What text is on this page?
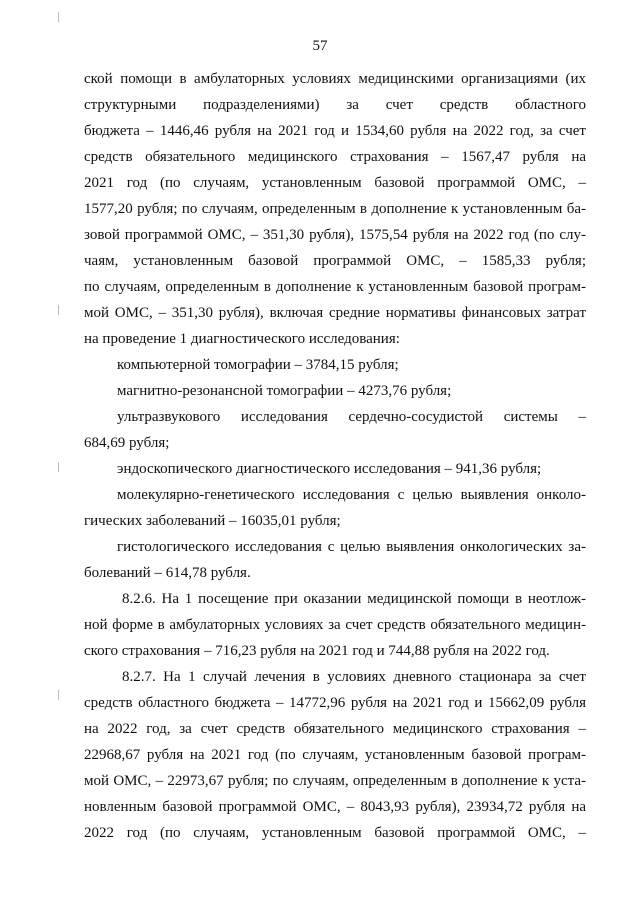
57
ской помощи в амбулаторных условиях медицинскими организациями (их
структурными подразделениями) за счет средств областного
бюджета – 1446,46 рубля на 2021 год и 1534,60 рубля на 2022 год, за счет
средств обязательного медицинского страхования – 1567,47 рубля на
2021 год (по случаям, установленным базовой программой ОМС, –
1577,20 рубля; по случаям, определенным в дополнение к установленным ба-
зовой программой ОМС, – 351,30 рубля), 1575,54 рубля на 2022 год (по слу-
чаям, установленным базовой программой ОМС, – 1585,33 рубля;
по случаям, определенным в дополнение к установленным базовой програм-
мой ОМС, – 351,30 рубля), включая средние нормативы финансовых затрат
на проведение 1 диагностического исследования:
компьютерной томографии – 3784,15 рубля;
магнитно-резонансной томографии – 4273,76 рубля;
ультразвукового исследования сердечно-сосудистой системы –
684,69 рубля;
эндоскопического диагностического исследования – 941,36 рубля;
молекулярно-генетического исследования с целью выявления онколо-
гических заболеваний – 16035,01 рубля;
гистологического исследования с целью выявления онкологических за-
болеваний – 614,78 рубля.
8.2.6. На 1 посещение при оказании медицинской помощи в неотлож-
ной форме в амбулаторных условиях за счет средств обязательного медицин-
ского страхования – 716,23 рубля на 2021 год и 744,88 рубля на 2022 год.
8.2.7. На 1 случай лечения в условиях дневного стационара за счет
средств областного бюджета – 14772,96 рубля на 2021 год и 15662,09 рубля
на 2022 год, за счет средств обязательного медицинского страхования –
22968,67 рубля на 2021 год (по случаям, установленным базовой програм-
мой ОМС, – 22973,67 рубля; по случаям, определенным в дополнение к уста-
новленным базовой программой ОМС, – 8043,93 рубля), 23934,72 рубля на
2022 год (по случаям, установленным базовой программой ОМС, –
